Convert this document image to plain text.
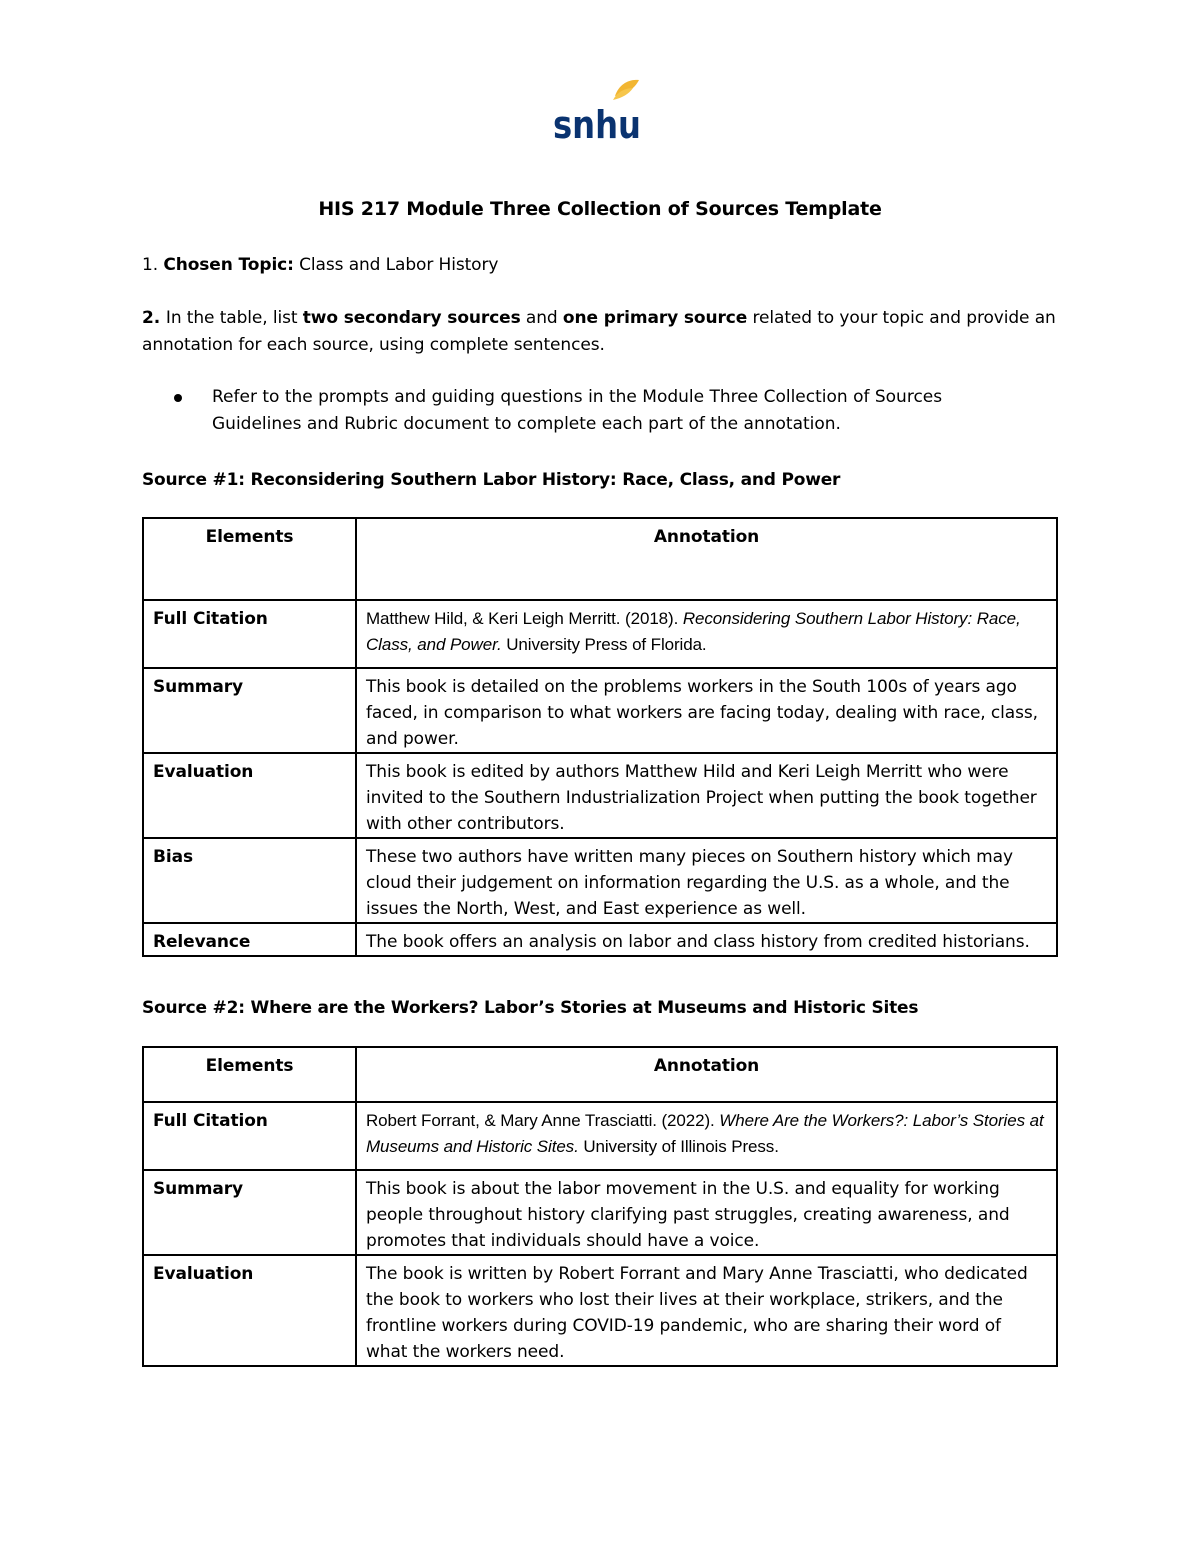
snhu
HIS 217 Module Three Collection of Sources Template
1. Chosen Topic: Class and Labor History
2. In the table, list two secondary sources and one primary source related to your topic and provide an
annotation for each source, using complete sentences.
Refer to the prompts and guiding questions in the Module Three Collection of Sources
Guidelines and Rubric document to complete each part of the annotation.
Source #1: Reconsidering Southern Labor History: Race, Class, and Power
Elements	Annotation
Full Citation	Matthew Hild, & Keri Leigh Merritt. (2018). Reconsidering Southern Labor History: Race, Class, and Power. University Press of Florida.
Summary	This book is detailed on the problems workers in the South 100s of years ago faced, in comparison to what workers are facing today, dealing with race, class, and power.
Evaluation	This book is edited by authors Matthew Hild and Keri Leigh Merritt who were invited to the Southern Industrialization Project when putting the book together with other contributors.
Bias	These two authors have written many pieces on Southern history which may cloud their judgement on information regarding the U.S. as a whole, and the issues the North, West, and East experience as well.
Relevance	The book offers an analysis on labor and class history from credited historians.
Source #2: Where are the Workers? Labor’s Stories at Museums and Historic Sites
Elements	Annotation
Full Citation	Robert Forrant, & Mary Anne Trasciatti. (2022). Where Are the Workers?: Labor’s Stories at Museums and Historic Sites. University of Illinois Press.
Summary	This book is about the labor movement in the U.S. and equality for working people throughout history clarifying past struggles, creating awareness, and promotes that individuals should have a voice.
Evaluation	The book is written by Robert Forrant and Mary Anne Trasciatti, who dedicated the book to workers who lost their lives at their workplace, strikers, and the frontline workers during COVID-19 pandemic, who are sharing their word of what the workers need.
